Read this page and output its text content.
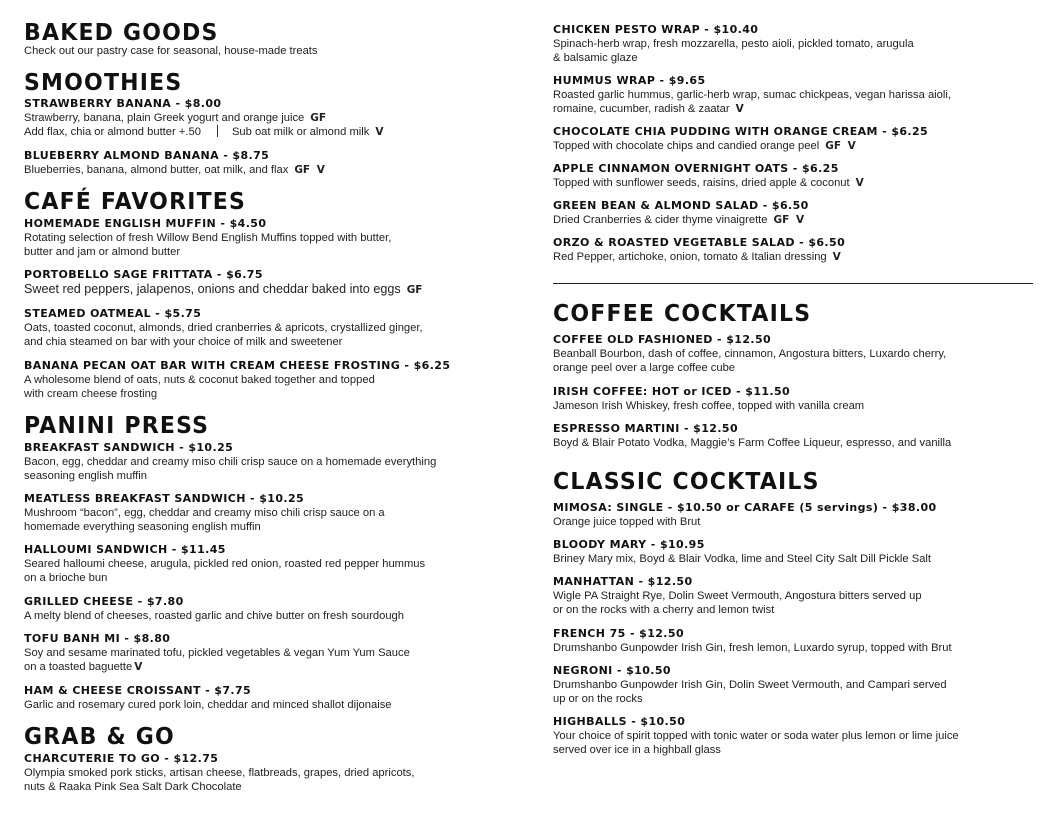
BAKED GOODS
Check out our pastry case for seasonal, house-made treats
SMOOTHIES
STRAWBERRY BANANA - $8.00
Strawberry, banana, plain Greek yogurt and orange juice GF
Add flax, chia or almond butter +.50	Sub oat milk or almond milk V
BLUEBERRY ALMOND BANANA - $8.75
Blueberries, banana, almond butter, oat milk, and flax GF V
CAFÉ FAVORITES
HOMEMADE ENGLISH MUFFIN - $4.50
Rotating selection of fresh Willow Bend English Muffins topped with butter,
butter and jam or almond butter
PORTOBELLO SAGE FRITTATA - $6.75
Sweet red peppers, jalapenos, onions and cheddar baked into eggs GF
STEAMED OATMEAL - $5.75
Oats, toasted coconut, almonds, dried cranberries & apricots, crystallized ginger,
and chia steamed on bar with your choice of milk and sweetener
BANANA PECAN OAT BAR WITH CREAM CHEESE FROSTING - $6.25
A wholesome blend of oats, nuts & coconut baked together and topped
with cream cheese frosting
PANINI PRESS
BREAKFAST SANDWICH - $10.25
Bacon, egg, cheddar and creamy miso chili crisp sauce on a homemade everything
seasoning english muffin
MEATLESS BREAKFAST SANDWICH - $10.25
Mushroom “bacon”, egg, cheddar and creamy miso chili crisp sauce on a
homemade everything seasoning english muffin
HALLOUMI SANDWICH - $11.45
Seared halloumi cheese, arugula, pickled red onion, roasted red pepper hummus
on a brioche bun
GRILLED CHEESE - $7.80
A melty blend of cheeses, roasted garlic and chive butter on fresh sourdough
TOFU BANH MI - $8.80
Soy and sesame marinated tofu, pickled vegetables & vegan Yum Yum Sauce
on a toasted baguette V
HAM & CHEESE CROISSANT - $7.75
Garlic and rosemary cured pork loin, cheddar and minced shallot dijonaise
GRAB & GO
CHARCUTERIE TO GO - $12.75
Olympia smoked pork sticks, artisan cheese, flatbreads, grapes, dried apricots,
nuts & Raaka Pink Sea Salt Dark Chocolate
CHICKEN PESTO WRAP - $10.40
Spinach-herb wrap, fresh mozzarella, pesto aioli, pickled tomato, arugula
& balsamic glaze
HUMMUS WRAP - $9.65
Roasted garlic hummus, garlic-herb wrap, sumac chickpeas, vegan harissa aioli,
romaine, cucumber, radish & zaatar V
CHOCOLATE CHIA PUDDING WITH ORANGE CREAM - $6.25
Topped with chocolate chips and candied orange peel GF V
APPLE CINNAMON OVERNIGHT OATS - $6.25
Topped with sunflower seeds, raisins, dried apple & coconut V
GREEN BEAN & ALMOND SALAD - $6.50
Dried Cranberries & cider thyme vinaigrette GF V
ORZO & ROASTED VEGETABLE SALAD - $6.50
Red Pepper, artichoke, onion, tomato & Italian dressing V
COFFEE COCKTAILS
COFFEE OLD FASHIONED - $12.50
Beanball Bourbon, dash of coffee, cinnamon, Angostura bitters, Luxardo cherry,
orange peel over a large coffee cube
IRISH COFFEE: HOT or ICED - $11.50
Jameson Irish Whiskey, fresh coffee, topped with vanilla cream
ESPRESSO MARTINI - $12.50
Boyd & Blair Potato Vodka, Maggie’s Farm Coffee Liqueur, espresso, and vanilla
CLASSIC COCKTAILS
MIMOSA: SINGLE - $10.50 or CARAFE (5 servings) - $38.00
Orange juice topped with Brut
BLOODY MARY - $10.95
Briney Mary mix, Boyd & Blair Vodka, lime and Steel City Salt Dill Pickle Salt
MANHATTAN - $12.50
Wigle PA Straight Rye, Dolin Sweet Vermouth, Angostura bitters served up
or on the rocks with a cherry and lemon twist
FRENCH 75 - $12.50
Drumshanbo Gunpowder Irish Gin, fresh lemon, Luxardo syrup, topped with Brut
NEGRONI - $10.50
Drumshanbo Gunpowder Irish Gin, Dolin Sweet Vermouth, and Campari served
up or on the rocks
HIGHBALLS - $10.50
Your choice of spirit topped with tonic water or soda water plus lemon or lime juice
served over ice in a highball glass
